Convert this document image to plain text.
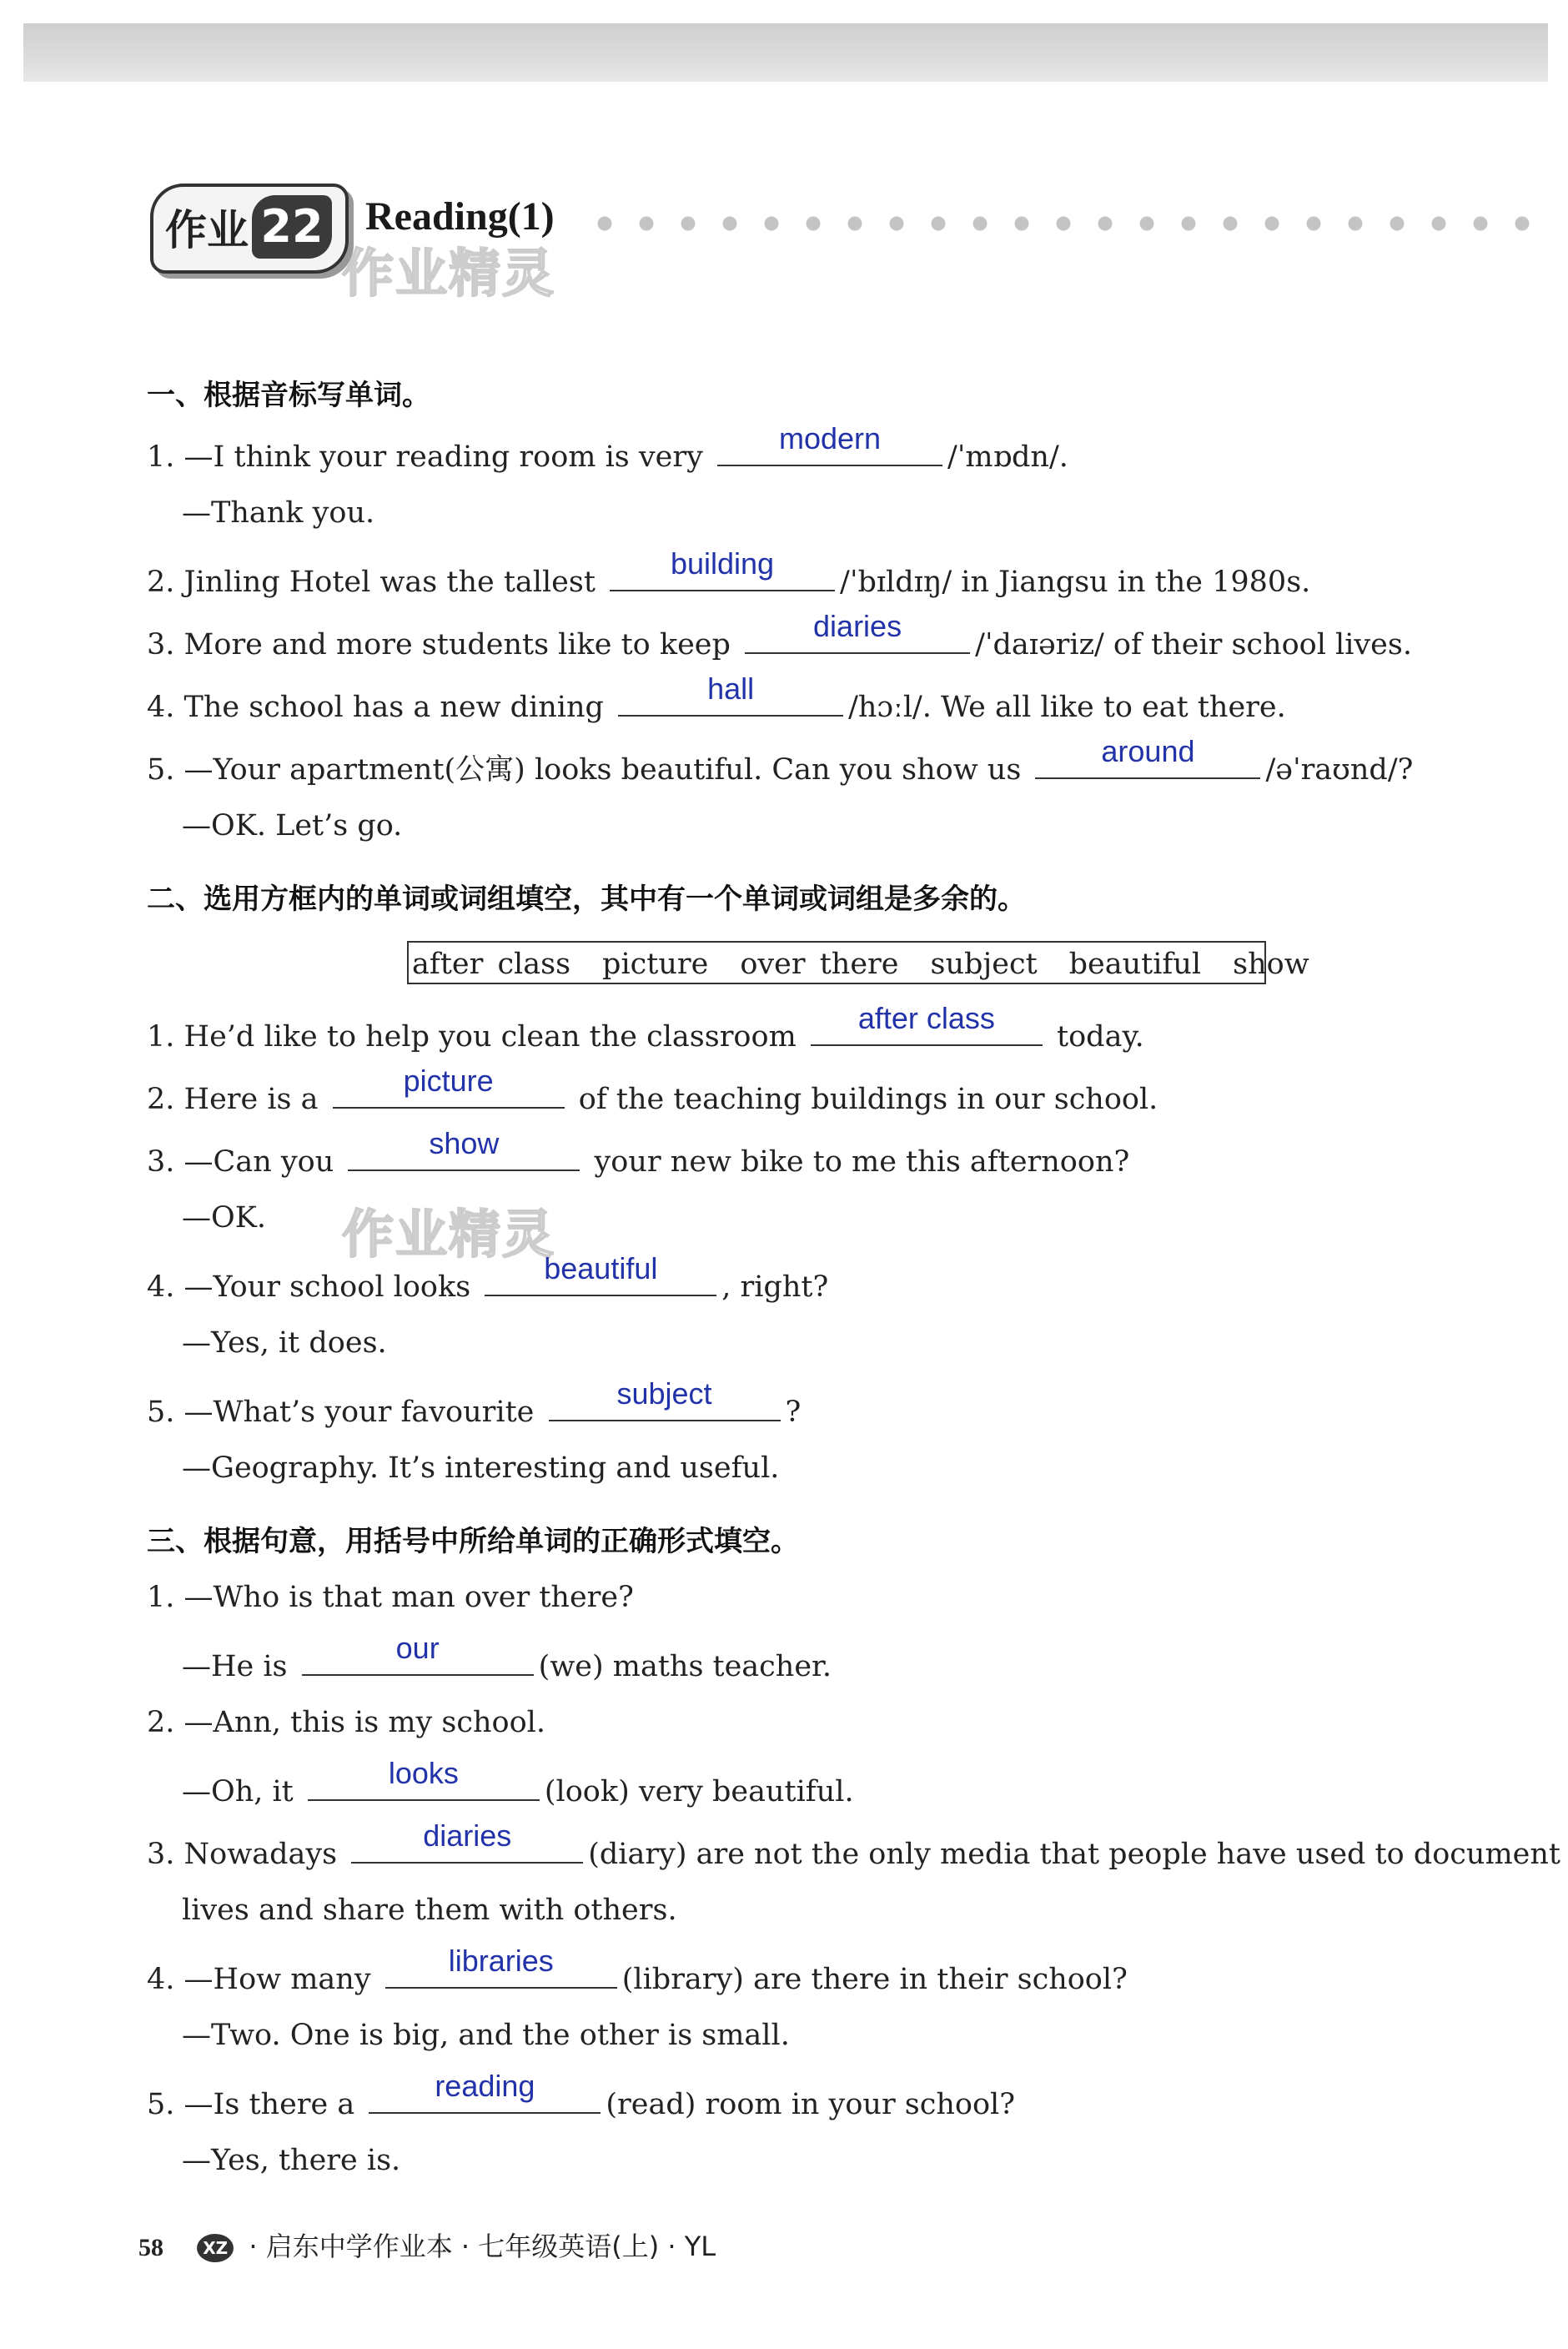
作业 22 Reading(1)
作业精灵
一、根据音标写单词。
1. —I think your reading room is very
modern
/ˈmɒdn/.
—Thank you.
2. Jinling Hotel was the tallest
building
/ˈbɪldɪŋ/ in Jiangsu in the 1980s.
3. More and more students like to keep
diaries
/ˈdaɪəriz/ of their school lives.
4. The school has a new dining
hall
/hɔːl/. We all like to eat there.
5. —Your apartment(公寓) looks beautiful. Can you show us
around
/əˈraʊnd/?
—OK. Let’s go.
二、选用方框内的单词或词组填空，其中有一个单词或词组是多余的。
after class picture over there subject beautiful show
1. He’d like to help you clean the classroom
after class
today.
2. Here is a
picture
of the teaching buildings in our school.
3. —Can you
show
your new bike to me this afternoon?
—OK. 作业精灵
4. —Your school looks
beautiful
, right?
—Yes, it does.
5. —What’s your favourite
subject
?
—Geography. It’s interesting and useful.
三、根据句意，用括号中所给单词的正确形式填空。
1. —Who is that man over there?
—He is
our
(we) maths teacher.
2. —Ann, this is my school.
—Oh, it
looks
(look) very beautiful.
3. Nowadays
diaries
(diary) are not the only media that people have used to document
lives and share them with others.
4. —How many
libraries
(library) are there in their school?
—Two. One is big, and the other is small.
5. —Is there a
reading
(read) room in your school?
—Yes, there is.
58 XZ · 启东中学作业本 · 七年级英语(上) · YL
